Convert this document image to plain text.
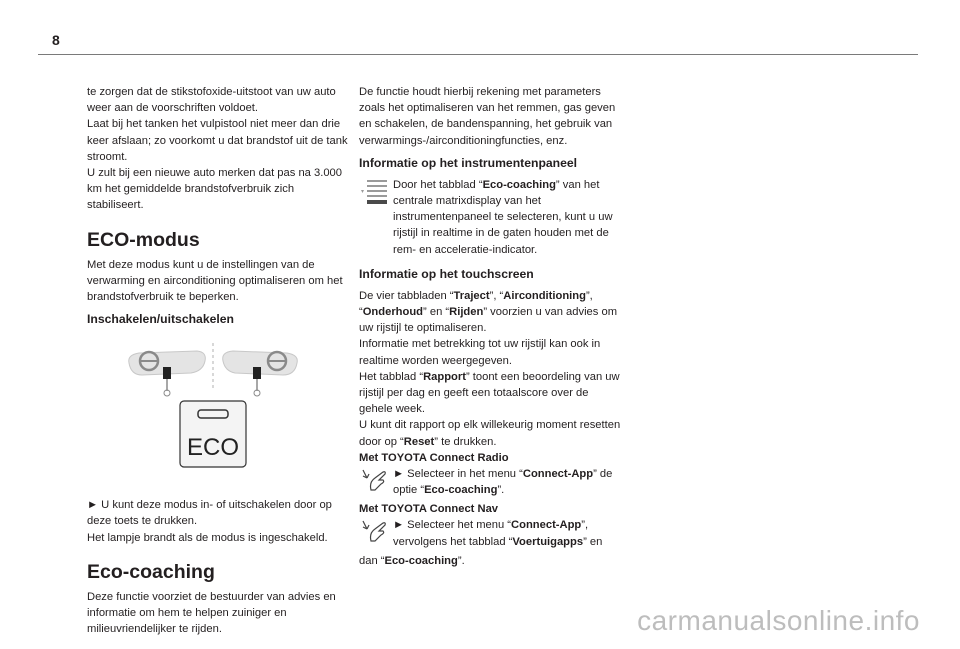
8

te zorgen dat de stikstofoxide-uitstoot van uw auto weer aan de voorschriften voldoet.

Laat bij het tanken het vulpistool niet meer dan drie keer afslaan; zo voorkomt u dat brandstof uit de tank stroomt.

U zult bij een nieuwe auto merken dat pas na 3.000 km het gemiddelde brandstofverbruik zich stabiliseert.

ECO-modus

Met deze modus kunt u de instellingen van de verwarming en airconditioning optimaliseren om het brandstofverbruik te beperken.

Inschakelen/uitschakelen
ECO

► U kunt deze modus in- of uitschakelen door op deze toets te drukken.

Het lampje brandt als de modus is ingeschakeld.

Eco-coaching

Deze functie voorziet de bestuurder van advies en informatie om hem te helpen zuiniger en milieuvriendelijker te rijden.

De functie houdt hierbij rekening met parameters zoals het optimaliseren van het remmen, gas geven en schakelen, de bandenspanning, het gebruik van verwarmings-/airconditioningfuncties, enz.

Informatie op het instrumentenpaneel

Door het tabblad “Eco-coaching” van het centrale matrixdisplay van het instrumentenpaneel te selecteren, kunt u uw rijstijl in realtime in de gaten houden met de rem- en acceleratie-indicator.

Informatie op het touchscreen

De vier tabbladen “Traject”, “Airconditioning”, “Onderhoud” en “Rijden” voorzien u van advies om uw rijstijl te optimaliseren.

Informatie met betrekking tot uw rijstijl kan ook in realtime worden weergegeven.

Het tabblad “Rapport” toont een beoordeling van uw rijstijl per dag en geeft een totaalscore over de gehele week.

U kunt dit rapport op elk willekeurig moment resetten door op “Reset” te drukken.

Met TOYOTA Connect Radio

► Selecteer in het menu “Connect-App” de optie “Eco-coaching”.

Met TOYOTA Connect Nav

► Selecteer het menu “Connect-App”, vervolgens het tabblad “Voertuigapps” en

dan “Eco-coaching”.

carmanualsonline.info
